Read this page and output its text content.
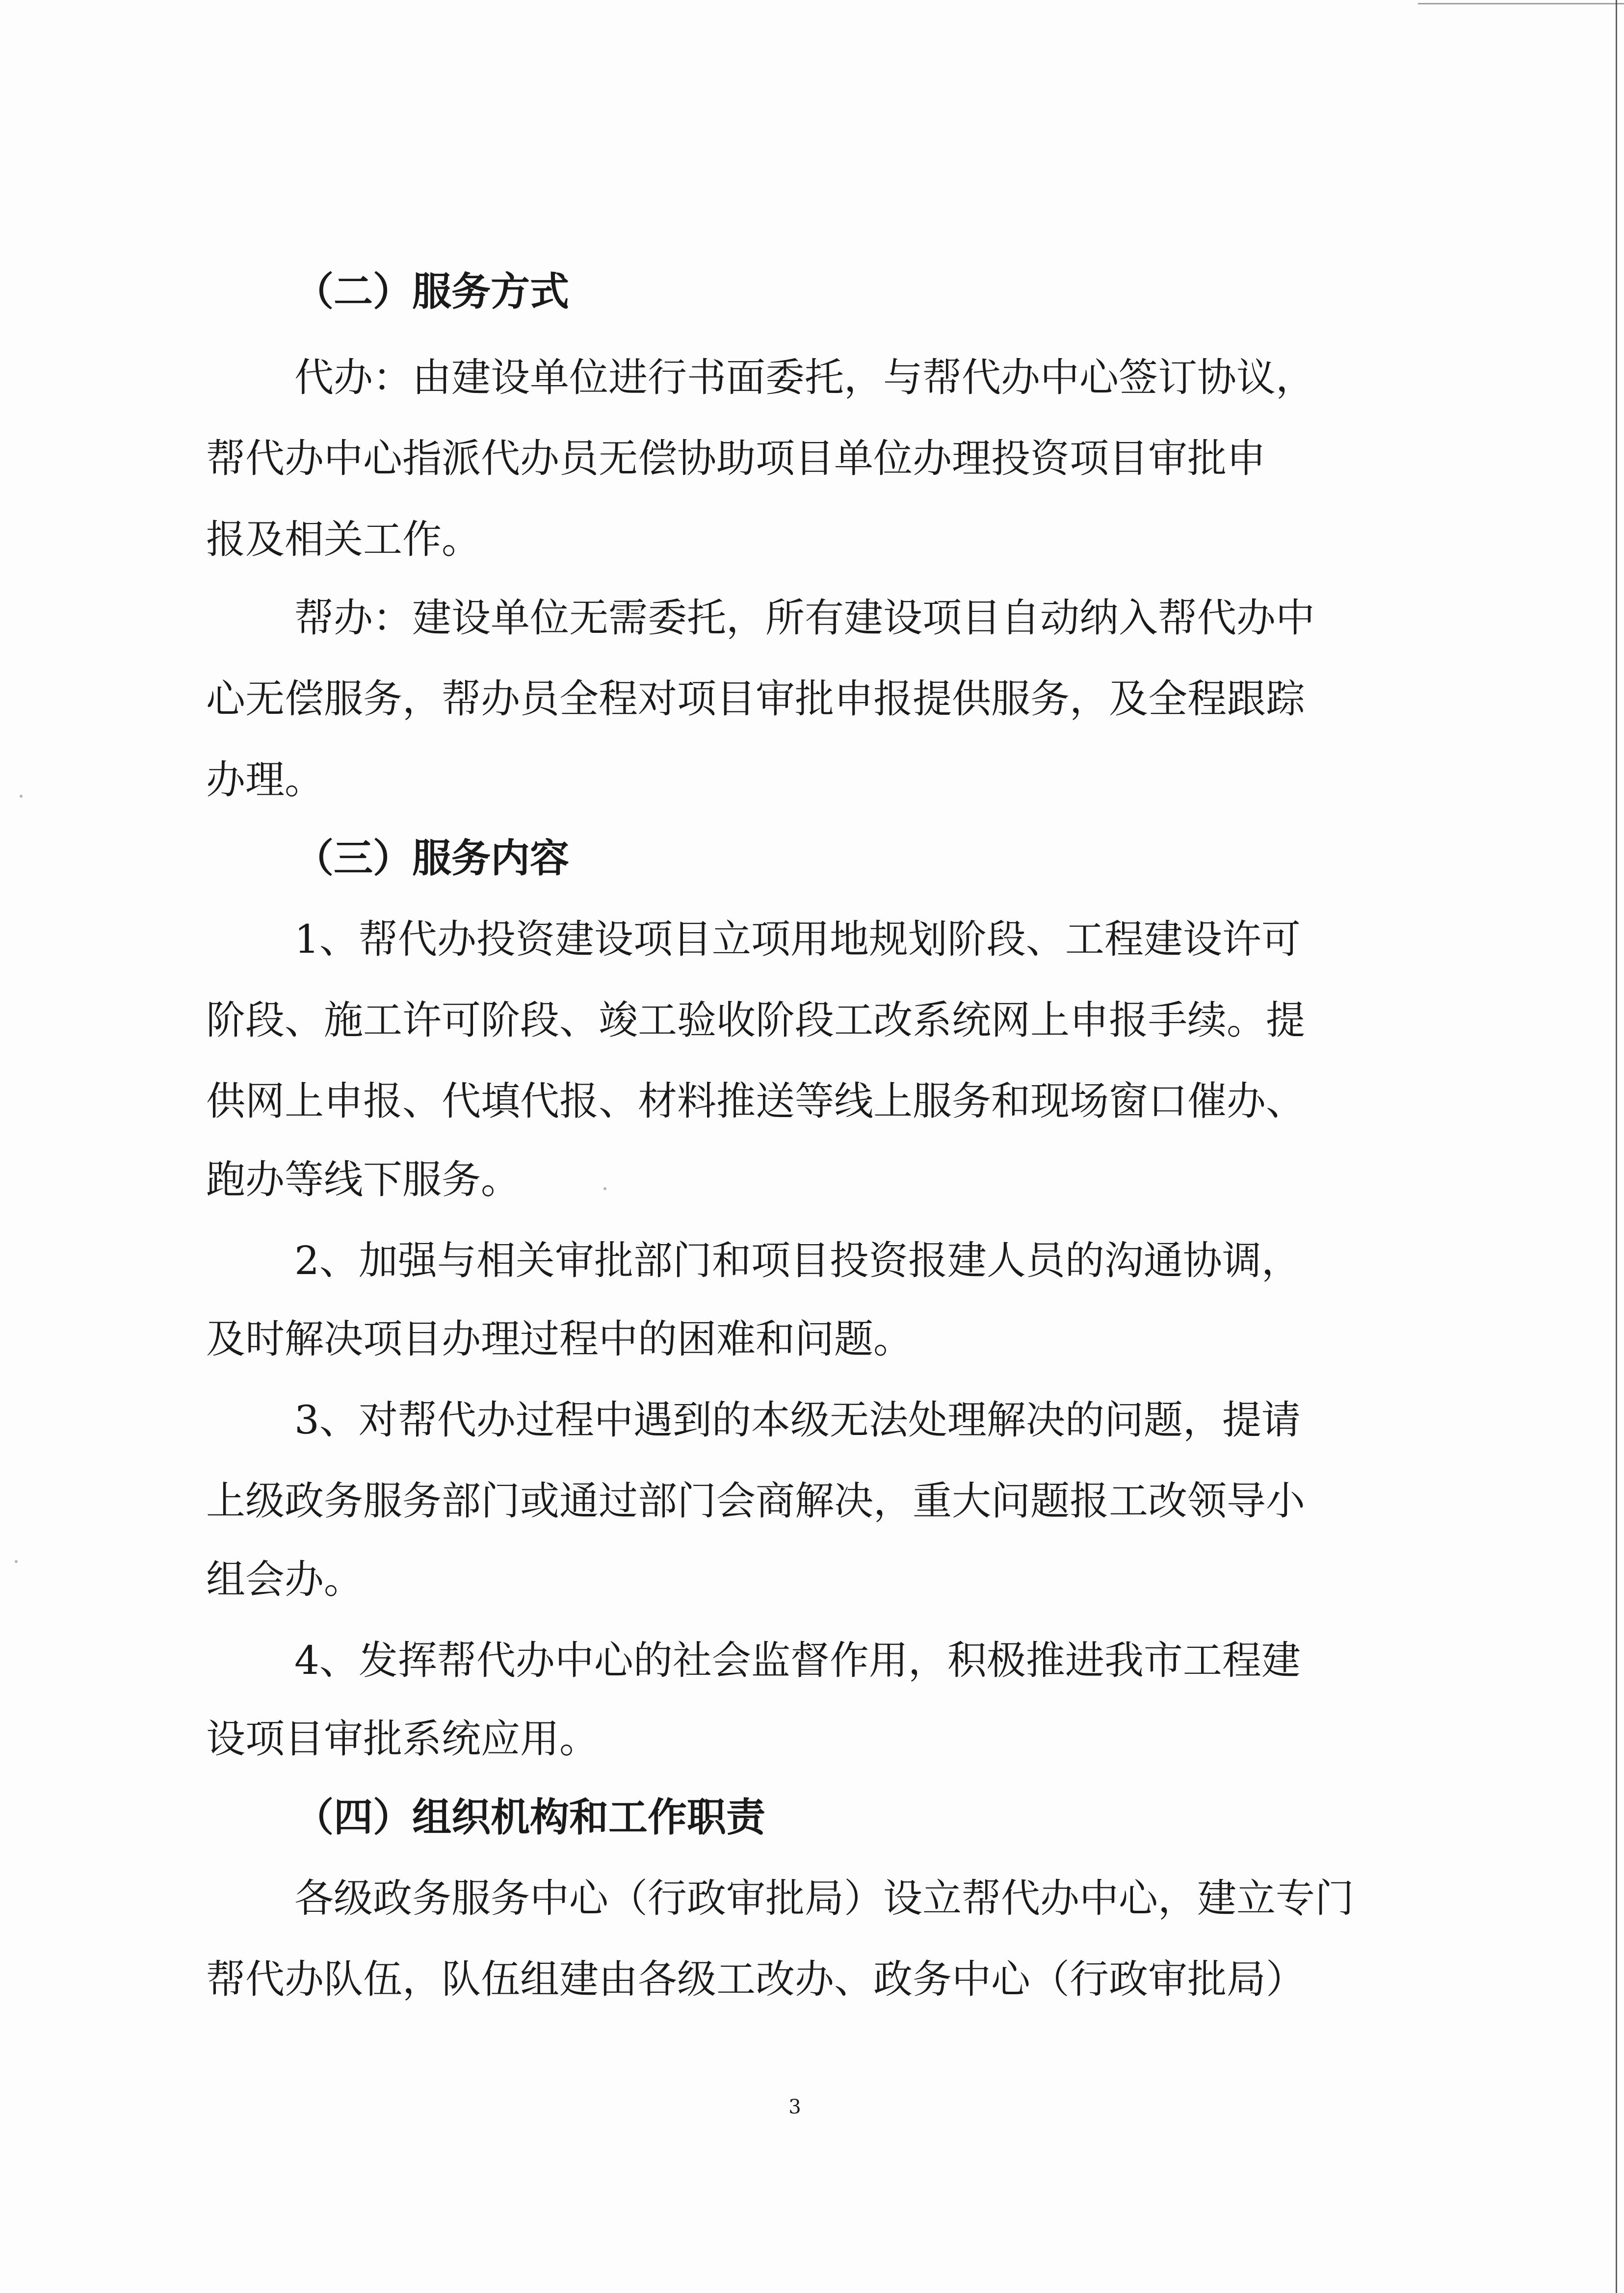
（二）服务方式

代办：由建设单位进行书面委托，与帮代办中心签订协议，

帮代办中心指派代办员无偿协助项目单位办理投资项目审批申

报及相关工作。

帮办：建设单位无需委托，所有建设项目自动纳入帮代办中

心无偿服务，帮办员全程对项目审批申报提供服务，及全程跟踪

办理。

（三）服务内容

1、帮代办投资建设项目立项用地规划阶段、工程建设许可

阶段、施工许可阶段、竣工验收阶段工改系统网上申报手续。提

供网上申报、代填代报、材料推送等线上服务和现场窗口催办、

跑办等线下服务。

2、加强与相关审批部门和项目投资报建人员的沟通协调，

及时解决项目办理过程中的困难和问题。

3、对帮代办过程中遇到的本级无法处理解决的问题，提请

上级政务服务部门或通过部门会商解决，重大问题报工改领导小

组会办。

4、发挥帮代办中心的社会监督作用，积极推进我市工程建

设项目审批系统应用。

（四）组织机构和工作职责

各级政务服务中心（行政审批局）设立帮代办中心，建立专门

帮代办队伍，队伍组建由各级工改办、政务中心（行政审批局）

3
